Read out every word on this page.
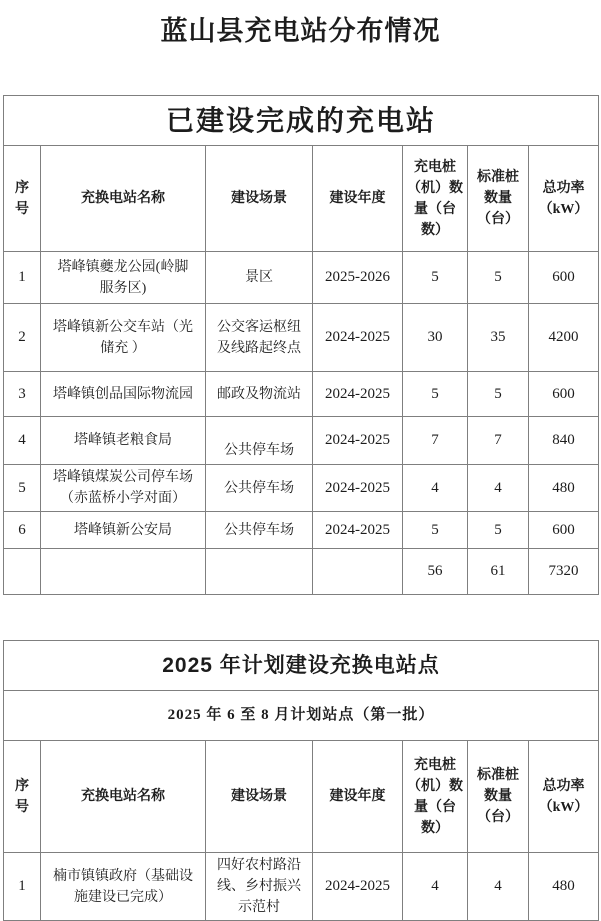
蓝山县充电站分布情况
已建设完成的充电站						
序号	充换电站名称	建设场景	建设年度	充电桩（机）数量（台数）	标准桩数量（台）	总功率（kW）
1	塔峰镇夔龙公园(岭脚服务区)	景区	2025-2026	5	5	600
2	塔峰镇新公交车站（光储充 ）	公交客运枢纽及线路起终点	2024-2025	30	35	4200
3	塔峰镇创品国际物流园	邮政及物流站	2024-2025	5	5	600
4	塔峰镇老粮食局	公共停车场	2024-2025	7	7	840
5	塔峰镇煤炭公司停车场（赤蓝桥小学对面）	公共停车场	2024-2025	4	4	480
6	塔峰镇新公安局	公共停车场	2024-2025	5	5	600
				56	61	7320
2025 年计划建设充换电站点						
2025 年 6 至 8 月计划站点（第一批）						
序号	充换电站名称	建设场景	建设年度	充电桩（机）数量（台数）	标准桩数量（台）	总功率（kW）
1	楠市镇镇政府（基础设施建设已完成）	四好农村路沿线、乡村振兴示范村	2024-2025	4	4	480
